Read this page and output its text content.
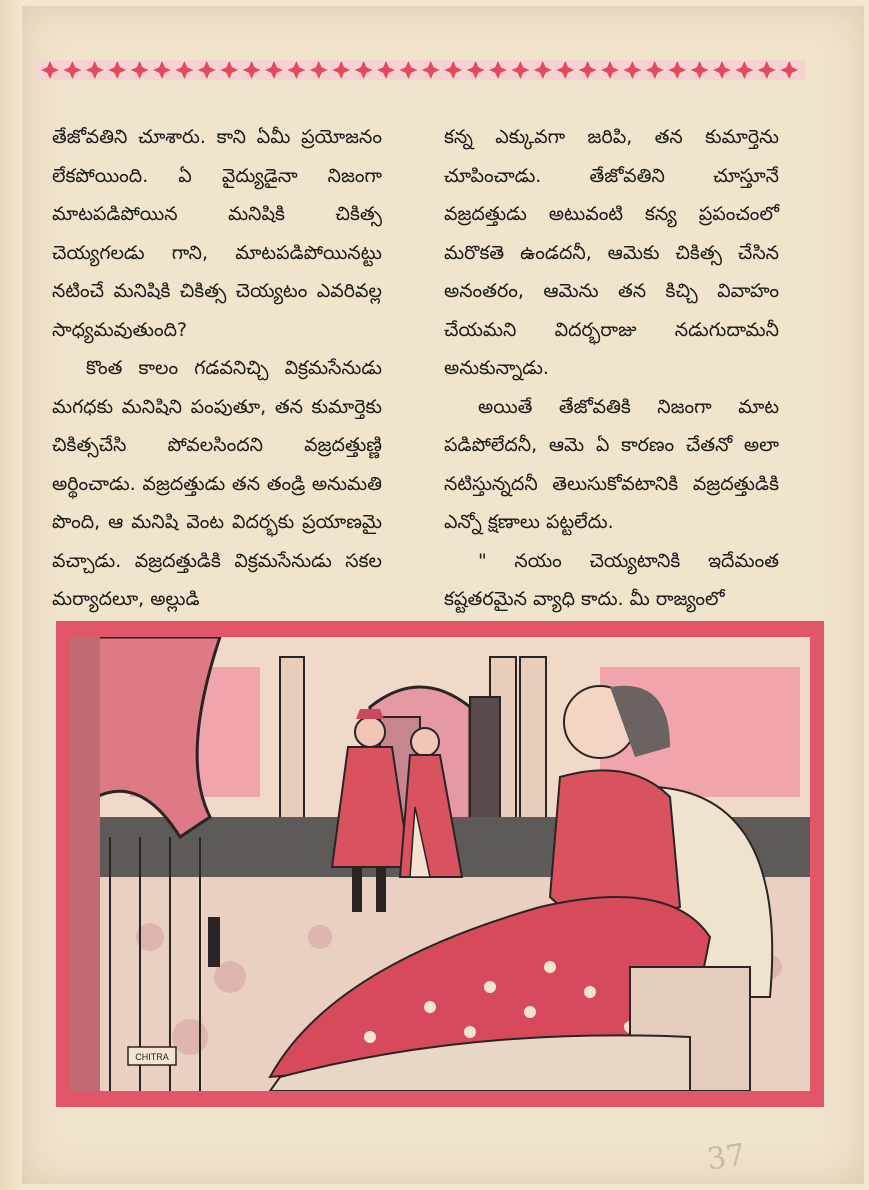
తేజోవతిని చూశారు. కాని ఏమీ ప్రయోజనం లేకపోయింది. ఏ వైద్యుడైనా నిజంగా మాటపడిపోయిన మనిషికి చికిత్స చెయ్యగలడు గాని, మాటపడిపోయినట్టు నటించే మనిషికి చికిత్స చెయ్యటం ఎవరివల్ల సాధ్యమవుతుంది?

కొంత కాలం గడవనిచ్చి విక్రమసేనుడు మగధకు మనిషిని పంపుతూ, తన కుమార్తెకు చికిత్సచేసి పోవలసిందని వజ్రదత్తుణ్ణి అర్థించాడు. వజ్రదత్తుడు తన తండ్రి అనుమతి పొంది, ఆ మనిషి వెంట విదర్భకు ప్రయాణమై వచ్చాడు. వజ్రదత్తుడికి విక్రమసేనుడు సకల మర్యాదలూ, అల్లుడి

కన్న ఎక్కువగా జరిపి, తన కుమార్తెను చూపించాడు. తేజోవతిని చూస్తూనే వజ్రదత్తుడు అటువంటి కన్య ప్రపంచంలో మరొకతె ఉండదనీ, ఆమెకు చికిత్స చేసిన అనంతరం, ఆమెను తన కిచ్చి వివాహం చేయమని విదర్భరాజు నడుగుదామనీ అనుకున్నాడు.

అయితే తేజోవతికి నిజంగా మాట పడిపోలేదనీ, ఆమె ఏ కారణం చేతనో అలా నటిస్తున్నదనీ తెలుసుకోవటానికి వజ్రదత్తుడికి ఎన్నో క్షణాలు పట్టలేదు.

" నయం చెయ్యటానికి ఇదేమంత కష్టతరమైన వ్యాధి కాదు. మీ రాజ్యంలో

CHITRA
37
